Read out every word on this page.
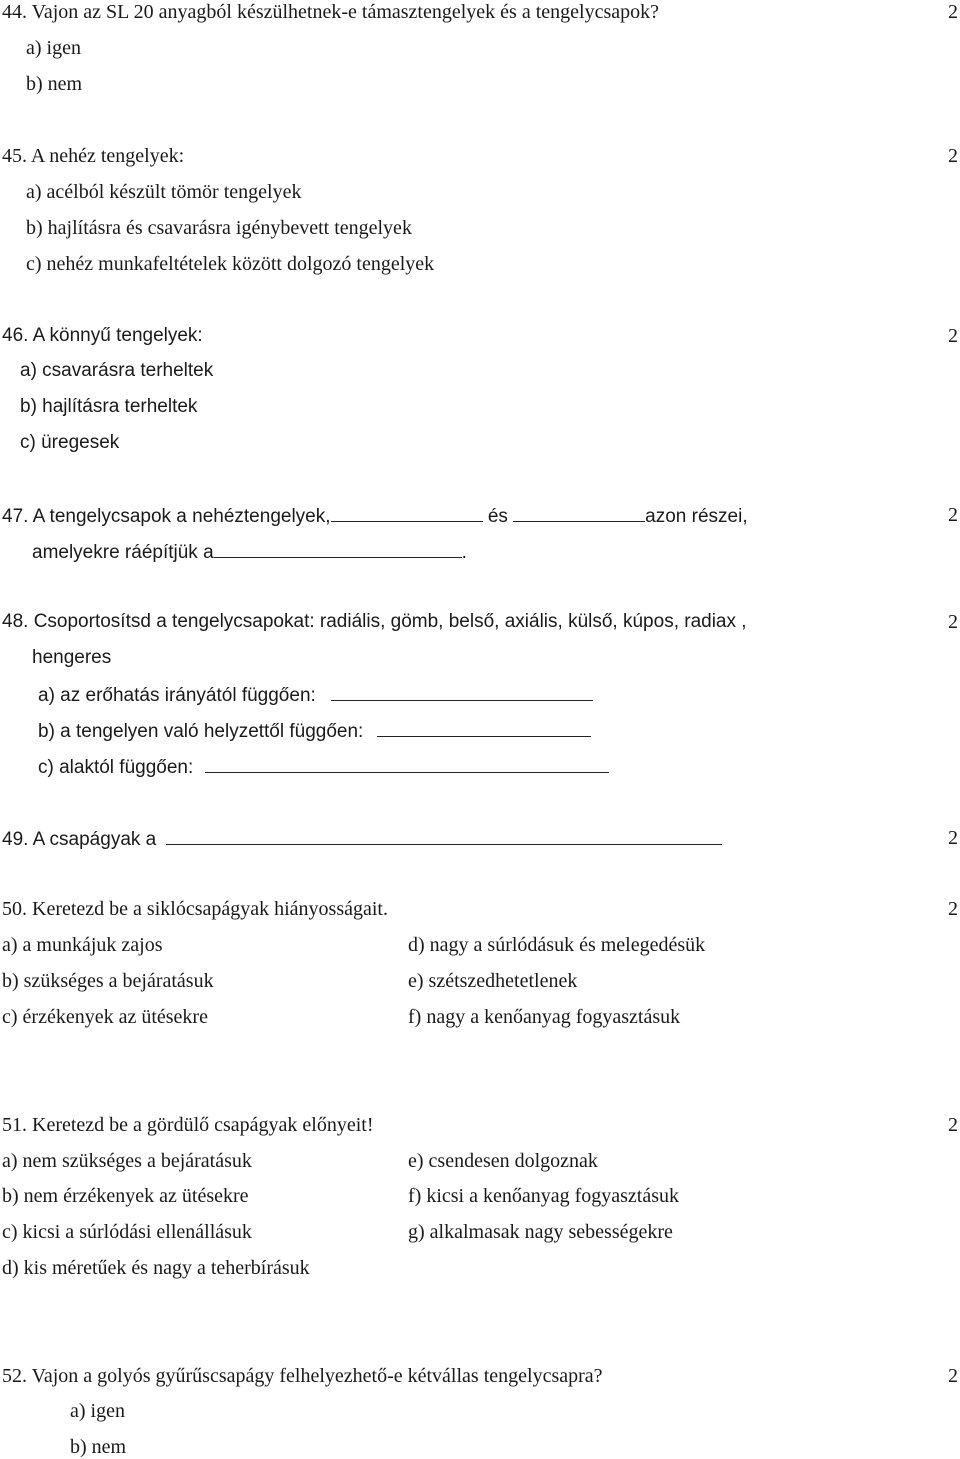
44. Vajon az SL 20 anyagból készülhetnek-e támasztengelyek és a tengelycsapok?	2
a) igen
b) nem
45. A nehéz tengelyek:	2
a) acélból készült tömör tengelyek
b) hajlításra és csavarásra igénybevett tengelyek
c) nehéz munkafeltételek között dolgozó tengelyek
46. A könnyű tengelyek:	2
a) csavarásra terheltek
b) hajlításra terheltek
c) üregesek
47. A tengelycsapok a nehéztengelyek,	és	azon részei,	2
amelyekre ráépítjük a	.
48. Csoportosítsd a tengelycsapokat: radiális, gömb, belső, axiális, külső, kúpos, radiax ,	2
hengeres
a) az erőhatás irányától függően:
b) a tengelyen való helyzettől függően:
c) alaktól függően:
49. A csapágyak a	2
50. Keretezd be a siklócsapágyak hiányosságait.	2
a) a munkájuk zajos
b) szükséges a bejáratásuk
c) érzékenyek az ütésekre
d) nagy a súrlódásuk és melegedésük
e) szétszedhetetlenek
f) nagy a kenőanyag fogyasztásuk
51. Keretezd be a gördülő csapágyak előnyeit!	2
a) nem szükséges a bejáratásuk
b) nem érzékenyek az ütésekre
c) kicsi a súrlódási ellenállásuk
d) kis méretűek és nagy a teherbírásuk
e) csendesen dolgoznak
f) kicsi a kenőanyag fogyasztásuk
g) alkalmasak nagy sebességekre
52. Vajon a golyós gyűrűscsapágy felhelyezhető-e kétvállas tengelycsapra?	2
a) igen
b) nem
